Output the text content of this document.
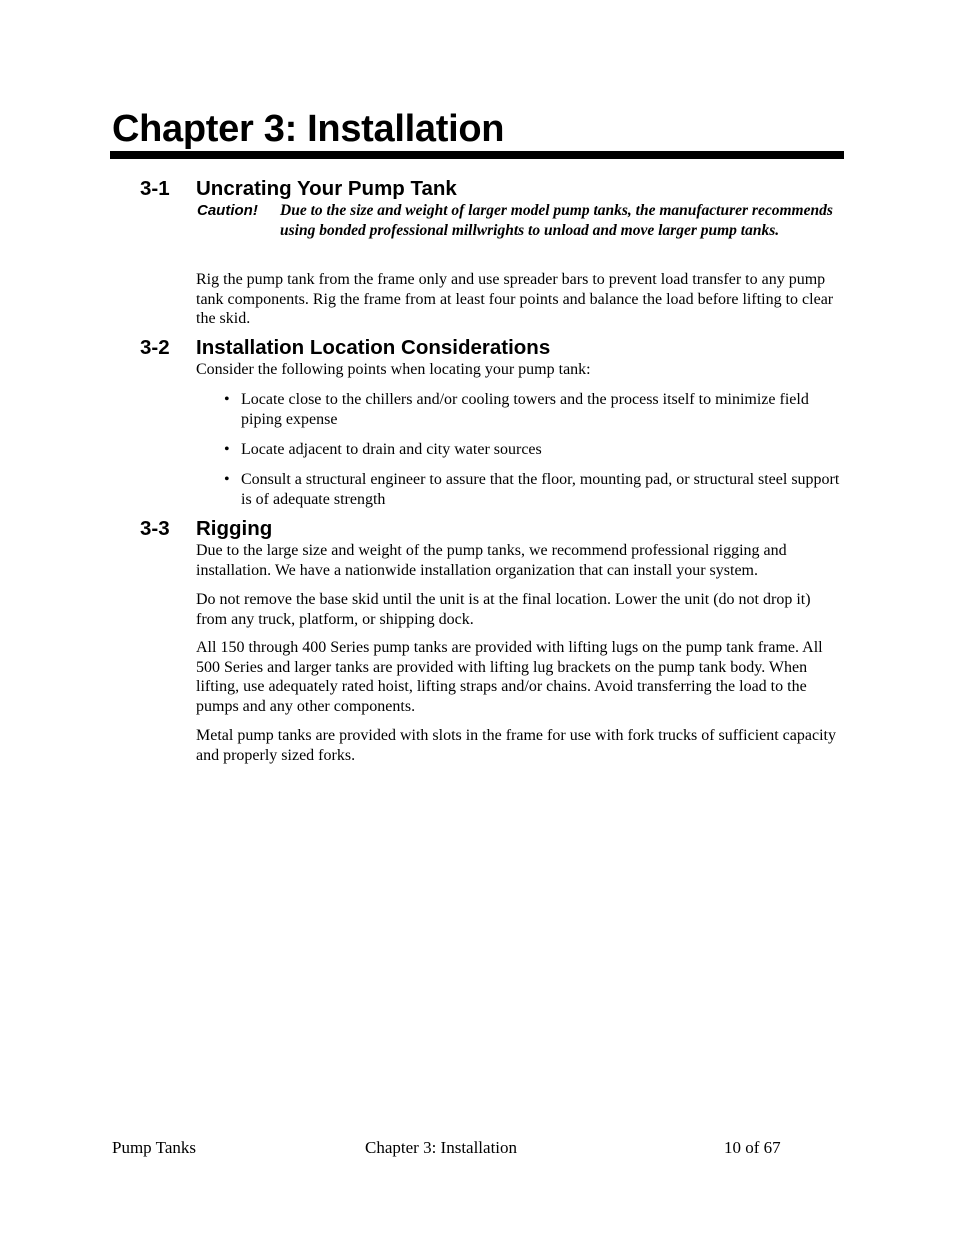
Chapter 3: Installation
3-1 Uncrating Your Pump Tank
Caution! Due to the size and weight of larger model pump tanks, the manufacturer recommends using bonded professional millwrights to unload and move larger pump tanks.

Rig the pump tank from the frame only and use spreader bars to prevent load transfer to any pump tank components. Rig the frame from at least four points and balance the load before lifting to clear the skid.

3-2 Installation Location Considerations

Consider the following points when locating your pump tank:

• Locate close to the chillers and/or cooling towers and the process itself to minimize field piping expense
• Locate adjacent to drain and city water sources
• Consult a structural engineer to assure that the floor, mounting pad, or structural steel support is of adequate strength
3-3 Rigging

Due to the large size and weight of the pump tanks, we recommend professional rigging and installation. We have a nationwide installation organization that can install your system.

Do not remove the base skid until the unit is at the final location. Lower the unit (do not drop it) from any truck, platform, or shipping dock.

All 150 through 400 Series pump tanks are provided with lifting lugs on the pump tank frame. All 500 Series and larger tanks are provided with lifting lug brackets on the pump tank body. When lifting, use adequately rated hoist, lifting straps and/or chains. Avoid transferring the load to the pumps and any other components.

Metal pump tanks are provided with slots in the frame for use with fork trucks of sufficient capacity and properly sized forks.

Pump Tanks	Chapter 3: Installation	10 of 67
